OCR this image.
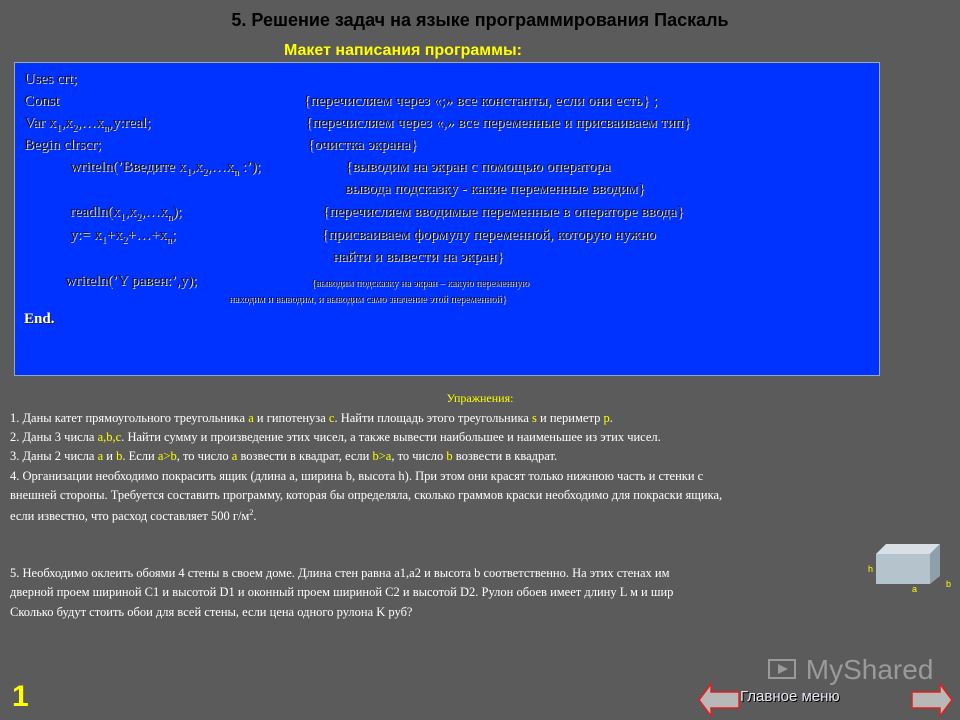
5. Решение задач на языке программирования Паскаль
Макет написания программы:
Uses crt;
Const	{перечисляем через «;» все константы, если они есть} ;
Var $x_1,x_2,\dots x_n,y:real$;	{перечисляем через «,» все переменные и присваиваем тип}
Begin clrscr;	{очистка экрана}
writeln(’Введите $x_1,x_2,\dots x_n$ :’);	{выводим на экран с помощью оператора
вывода подсказку - какие переменные вводим}
$readln(x_1,x_2,\dots x_n)$;	{перечисляем вводимые переменные в операторе ввода}
y:= $x_1+x_2+\dots+x_n$;	{присваиваем формулу переменной, которую нужно
найти и вывести на экран}
writeln(’Y равен:’,y);	{выводим подсказку на экран – какую переменную
находим и выводим, и выводим само значение этой переменной}
End.
Упражнения:
1. Даны катет прямоугольного треугольника a и гипотенуза c. Найти площадь этого треугольника s и периметр p.
2. Даны 3 числа a,b,c. Найти сумму и произведение этих чисел, а также вывести наибольшее и наименьшее из этих чисел.
3. Даны 2 числа a и b. Если a>b, то число a возвести в квадрат, если b>a, то число b возвести в квадрат.
4. Организации необходимо покрасить ящик (длина a, ширина b, высота h). При этом они красят только нижнюю часть и стенки с
внешней стороны. Требуется составить программу, которая бы определяла, сколько граммов краски необходимо для покраски ящика,
если известно, что расход составляет 500 $г/м^2$.
5. Необходимо оклеить обоями 4 стены в своем доме. Длина стен равна a1,a2 и высота b соответственно. На этих стенах им
дверной проем шириной C1 и высотой D1 и оконный проем шириной C2 и высотой D2. Рулон обоев имеет длину L м и шир
Сколько будут стоить обои для всей стены, если цена одного рулона K руб?
h
a	b
1
MyShared
Главное меню
